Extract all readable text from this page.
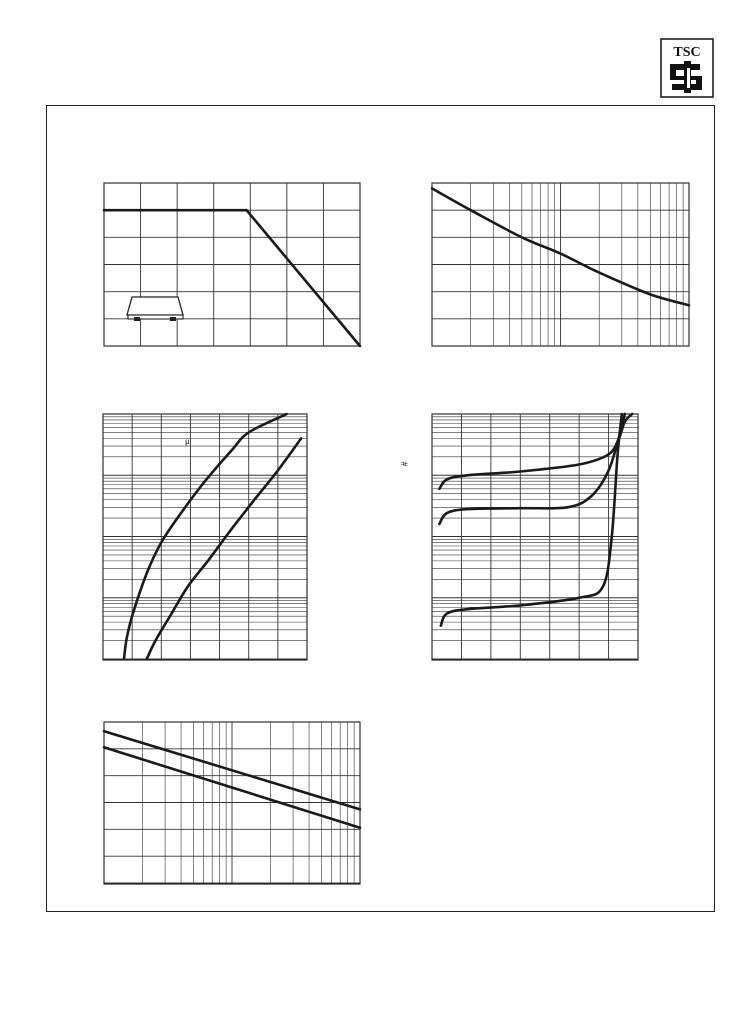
TSC
μ
#
